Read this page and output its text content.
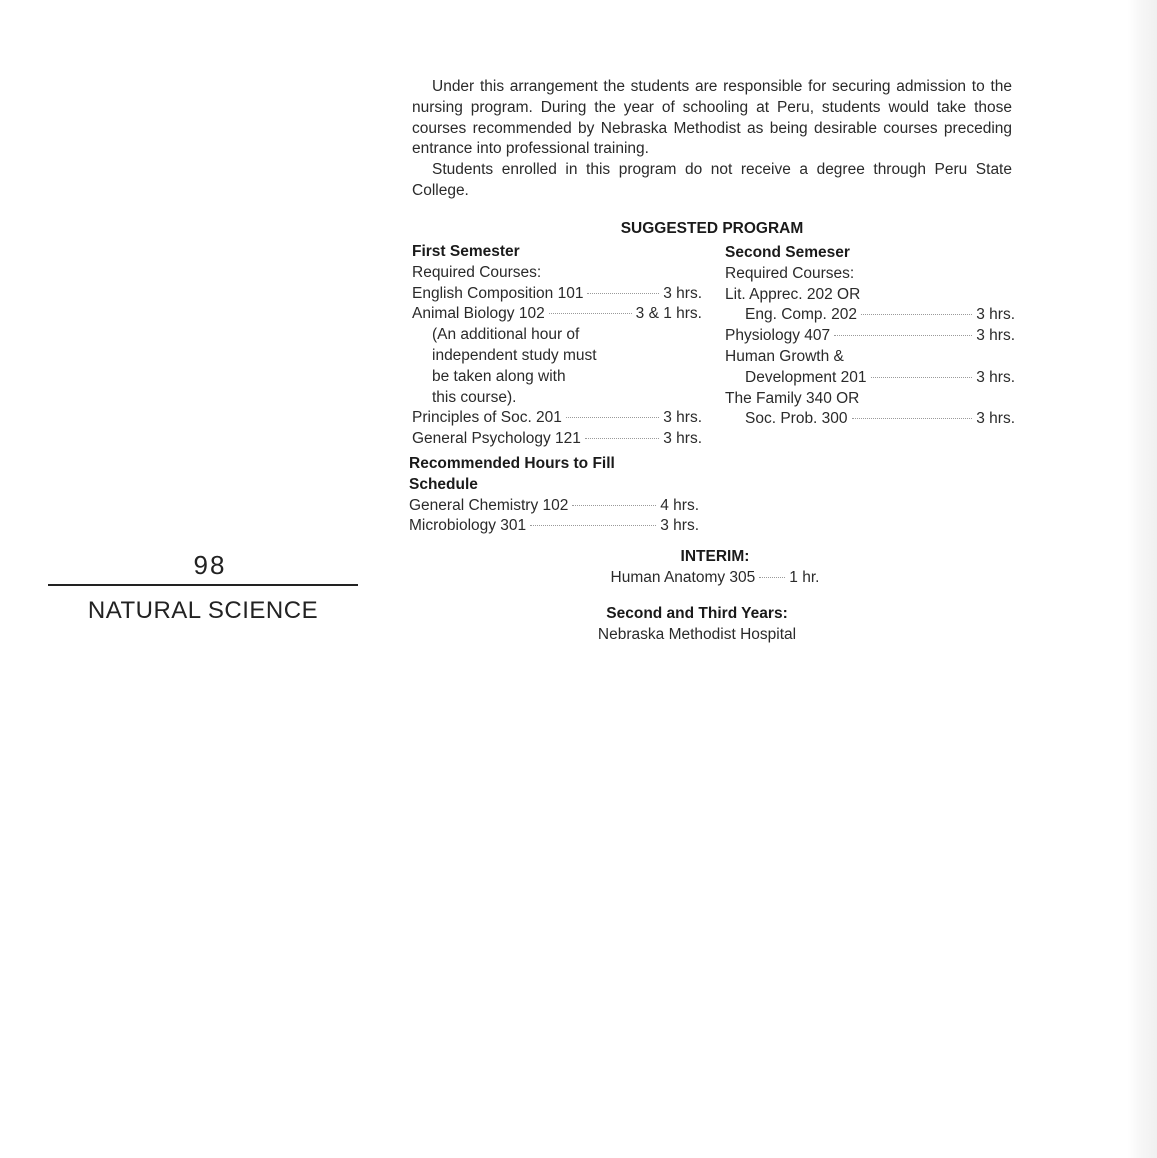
98
NATURAL SCIENCE

Under this arrangement the students are responsible for securing admission to the nursing program. During the year of schooling at Peru, students would take those courses recommended by Nebraska Methodist as being desirable courses preceding entrance into professional training.

Students enrolled in this program do not receive a degree through Peru State College.

SUGGESTED PROGRAM
First Semester
Required Courses:
English Composition 101	3 hrs.
Animal Biology 102	3 & 1 hrs.
(An additional hour of
independent study must
be taken along with
this course).
Principles of Soc. 201	3 hrs.
General Psychology 121	3 hrs.
Second Semeser
Required Courses:
Lit. Apprec. 202 OR
Eng. Comp. 202	3 hrs.
Physiology 407	3 hrs.
Human Growth &
Development 201	3 hrs.
The Family 340 OR
Soc. Prob. 300	3 hrs.
Recommended Hours to Fill
Schedule
General Chemistry 102	4 hrs.
Microbiology 301	3 hrs.
INTERIM:
Human Anatomy 305 1 hr.
Second and Third Years:
Nebraska Methodist Hospital
